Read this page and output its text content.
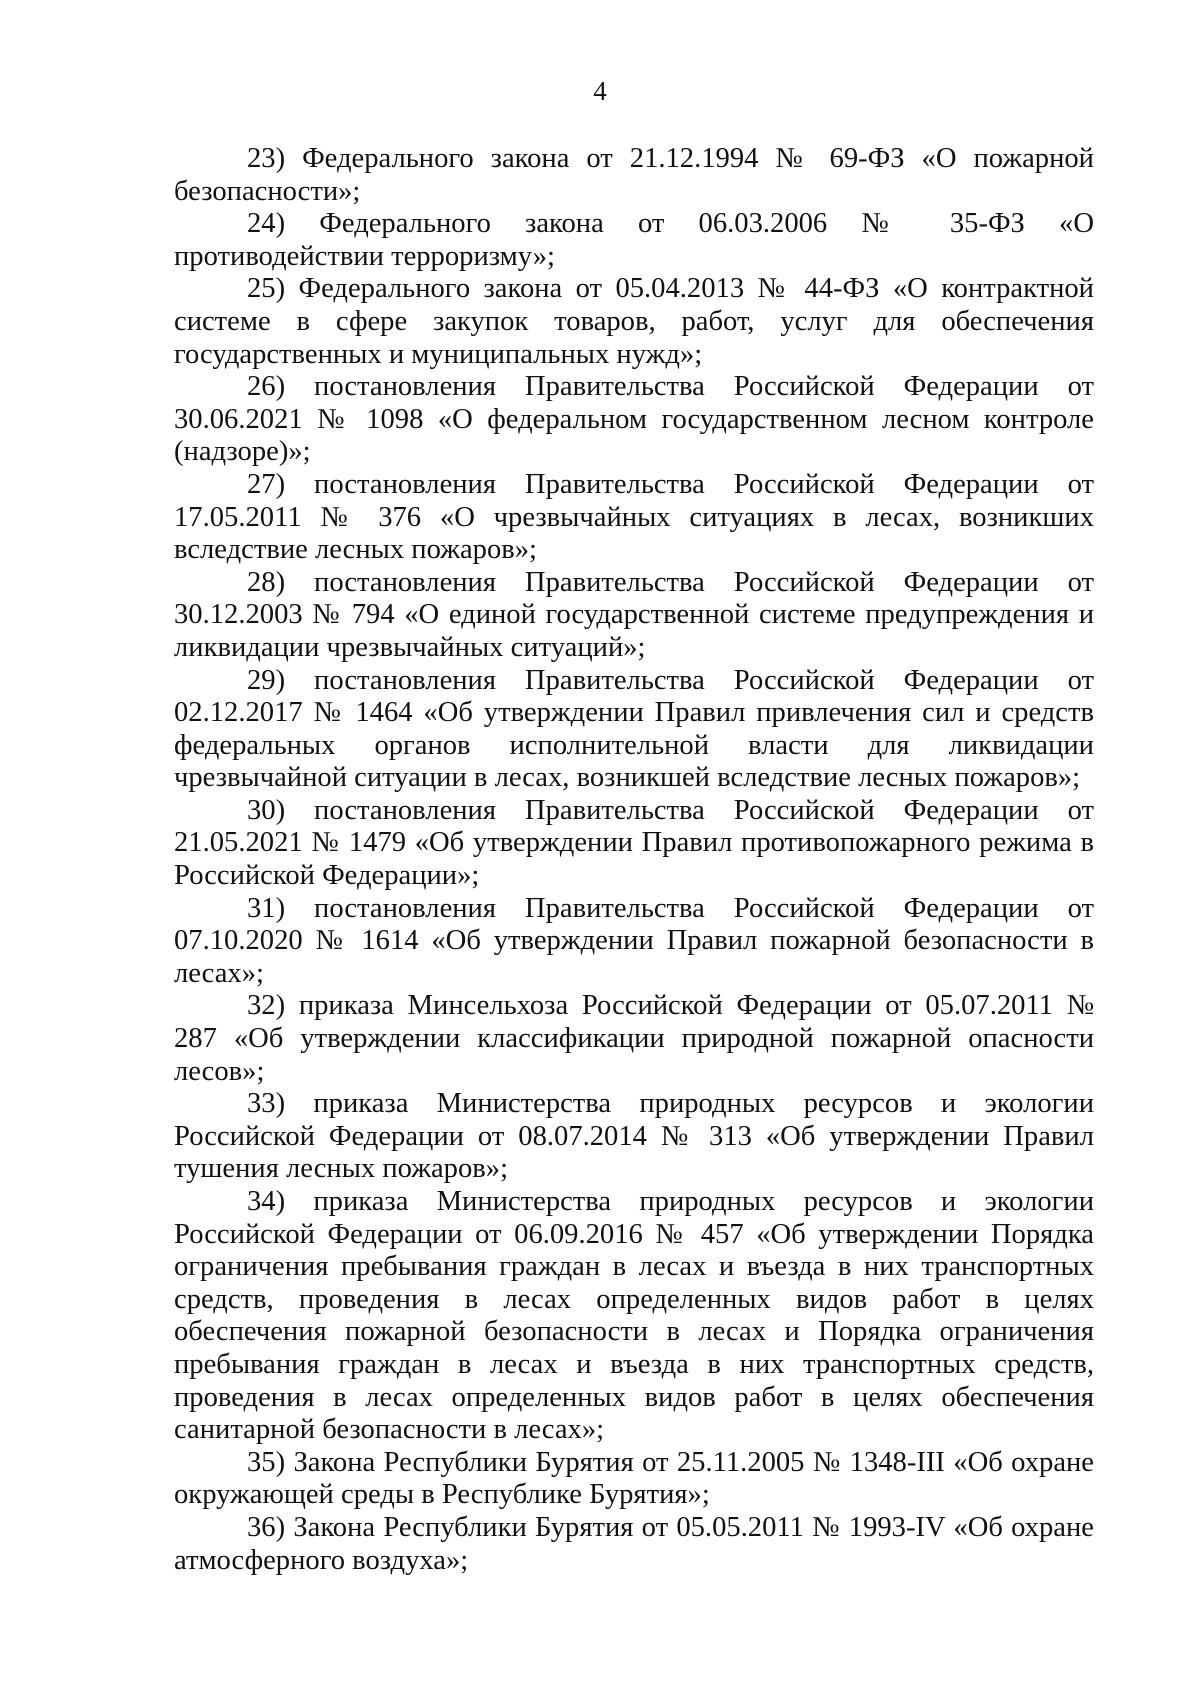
4

23) Федерального закона от 21.12.1994 № 69-ФЗ «О пожарной безопасности»;

24) Федерального закона от 06.03.2006 № 35-ФЗ «О противодействии терроризму»;

25) Федерального закона от 05.04.2013 № 44-ФЗ «О контрактной системе в сфере закупок товаров, работ, услуг для обеспечения государственных и муниципальных нужд»;

26) постановления Правительства Российской Федерации от 30.06.2021 № 1098 «О федеральном государственном лесном контроле (надзоре)»;

27) постановления Правительства Российской Федерации от 17.05.2011 № 376 «О чрезвычайных ситуациях в лесах, возникших вследствие лесных пожаров»;

28) постановления Правительства Российской Федерации от 30.12.2003 № 794 «О единой государственной системе предупреждения и ликвидации чрезвычайных ситуаций»;

29) постановления Правительства Российской Федерации от 02.12.2017 № 1464 «Об утверждении Правил привлечения сил и средств федеральных органов исполнительной власти для ликвидации чрезвычайной ситуации в лесах, возникшей вследствие лесных пожаров»;

30) постановления Правительства Российской Федерации от 21.05.2021 № 1479 «Об утверждении Правил противопожарного режима в Российской Федерации»;

31) постановления Правительства Российской Федерации от 07.10.2020 № 1614 «Об утверждении Правил пожарной безопасности в лесах»;

32) приказа Минсельхоза Российской Федерации от 05.07.2011 № 287 «Об утверждении классификации природной пожарной опасности лесов»;

33) приказа Министерства природных ресурсов и экологии Российской Федерации от 08.07.2014 № 313 «Об утверждении Правил тушения лесных пожаров»;

34) приказа Министерства природных ресурсов и экологии Российской Федерации от 06.09.2016 № 457 «Об утверждении Порядка ограничения пребывания граждан в лесах и въезда в них транспортных средств, проведения в лесах определенных видов работ в целях обеспечения пожарной безопасности в лесах и Порядка ограничения пребывания граждан в лесах и въезда в них транспортных средств, проведения в лесах определенных видов работ в целях обеспечения санитарной безопасности в лесах»;

35) Закона Республики Бурятия от 25.11.2005 № 1348-III «Об охране окружающей среды в Республике Бурятия»;

36) Закона Республики Бурятия от 05.05.2011 № 1993-IV «Об охране атмосферного воздуха»;
